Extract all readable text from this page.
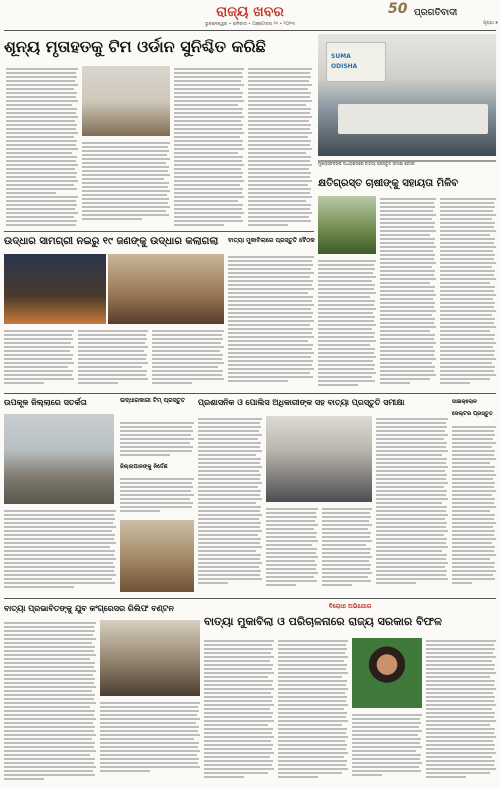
ରାଜ୍ୟ ଖବର
ଭୁବନେଶ୍ୱର • ଶନିବାର • ଅକ୍ଟୋବର ୨୧ • ୨୦୨୩
50 ପ୍ରଗତିବାଦୀ
ପୃଷ୍ଠା ୭
ଶୂନ୍ୟ ମୃତାହତକୁ ଟିମ ଓର୍ଡାନ ସୁନିଶ୍ଚିତ କରିଛି
SUMA
ODISHA
ମୁଖ୍ୟସଚିବଙ୍କ ଅଧ୍ୟକ୍ଷତାରେ ବାତ୍ୟା ପ୍ରସ୍ତୁତି ସମୀକ୍ଷା ବୈଠକ
କ୍ଷତିଗ୍ରସ୍ତ ଚାଷୀଙ୍କୁ ସହାୟତା ମିଳିବ
ଉଦ୍ଧାର ସାମଗ୍ରୀ ନଇରୁ ୧୯ ଜଣଙ୍କୁ ଉଦ୍ଧାର କଲାଗଲା	ବାତ୍ୟା ମୁକାବିଲାରେ ପ୍ରସ୍ତୁତି ବୈଠକ
ଉପକୂଳ ଜିଲ୍ଲାରେ ସତର୍କତା	ଉଦ୍ଧାରକାରୀ ଟିମ୍ ପ୍ରସ୍ତୁତ
ଜିଲ୍ଲାପାଳଙ୍କୁ ନିର୍ଦ୍ଦେଶ
ପ୍ରଶାସନିକ ଓ ପୋଲିସ ଅଧିକାରୀଙ୍କ ସହ ବାତ୍ୟା ପ୍ରସ୍ତୁତି ସମୀକ୍ଷା	ସାଇକ୍ଲୋନ ସେଲ୍ଟର ପ୍ରସ୍ତୁତ
ବାତ୍ୟା ପ୍ରଭାବିତଙ୍କୁ ଯୁବ କଂଗ୍ରେସର ରିଲିଫ ବଣ୍ଟନ	ବିରୋଧୀ ଅଭିଯୋଗ
ବାତ୍ୟା ମୁକାବିଲା ଓ ପରିଚାଳନାରେ ରାଜ୍ୟ ସରକାର ବିଫଳ
